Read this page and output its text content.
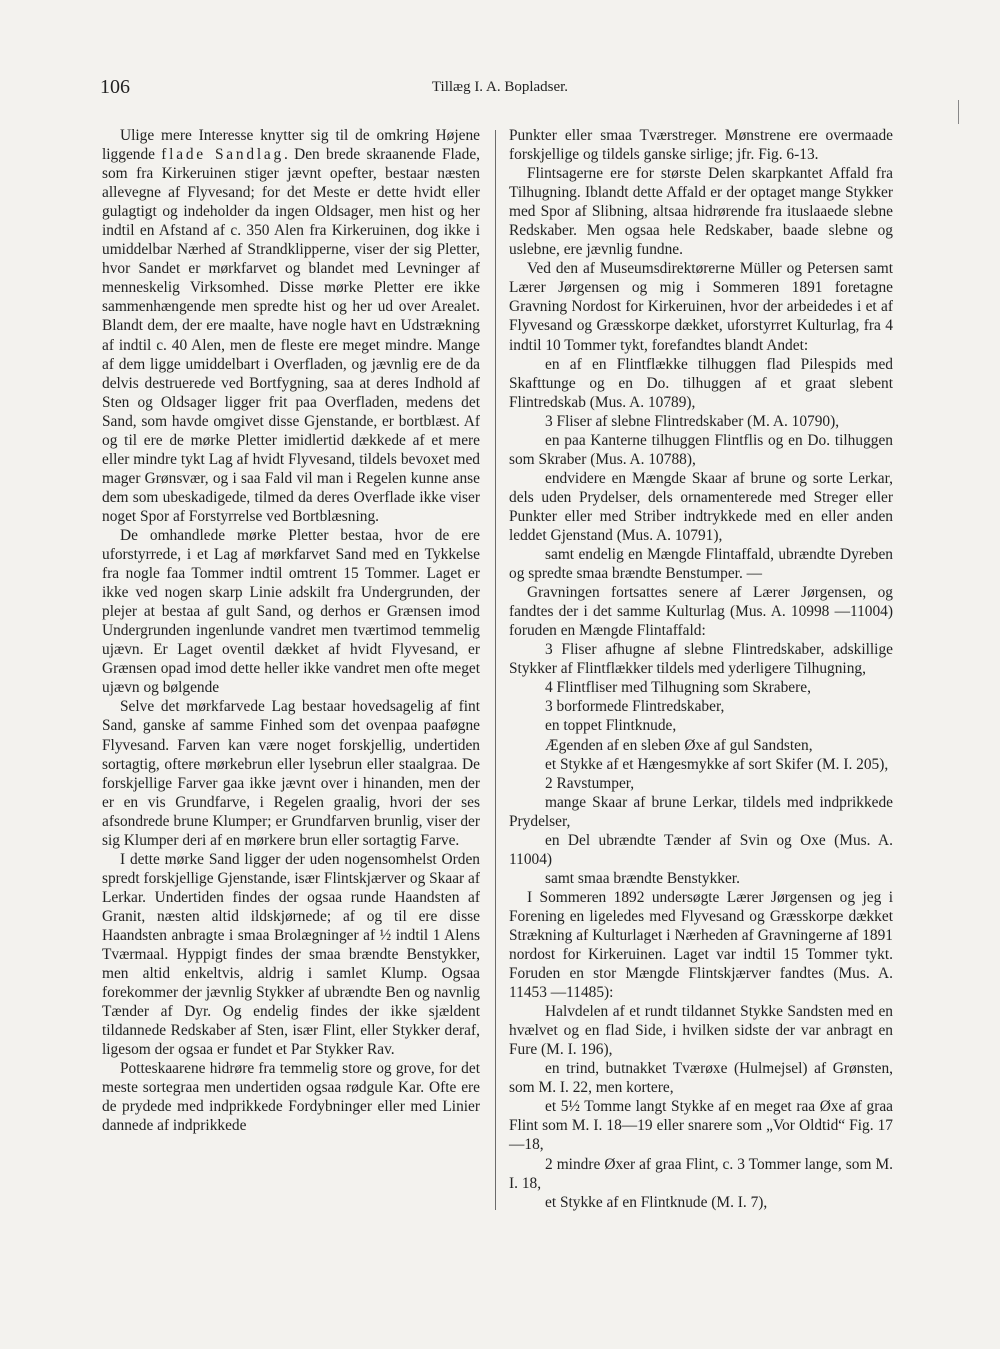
106	Tillæg I. A. Bopladser.

Ulige mere Interesse knytter sig til de omkring Højene liggende flade Sandlag. Den brede skraanende Flade, som fra Kirkeruinen stiger jævnt opefter, bestaar næsten allevegne af Flyvesand; for det Meste er dette hvidt eller gulagtigt og indeholder da ingen Oldsager, men hist og her indtil en Afstand af c. 350 Alen fra Kirkeruinen, dog ikke i umiddelbar Nærhed af Strandklipperne, viser der sig Pletter, hvor Sandet er mørkfarvet og blandet med Levninger af menneskelig Virksomhed. Disse mørke Pletter ere ikke sammenhængende men spredte hist og her ud over Arealet. Blandt dem, der ere maalte, have nogle havt en Udstrækning af indtil c. 40 Alen, men de fleste ere meget mindre. Mange af dem ligge umiddelbart i Overfladen, og jævnlig ere de da delvis destruerede ved Bortfygning, saa at deres Indhold af Sten og Oldsager ligger frit paa Overfladen, medens det Sand, som havde omgivet disse Gjenstande, er bortblæst. Af og til ere de mørke Pletter imidlertid dækkede af et mere eller mindre tykt Lag af hvidt Flyvesand, tildels bevoxet med mager Grønsvær, og i saa Fald vil man i Regelen kunne anse dem som ubeskadigede, tilmed da deres Overflade ikke viser noget Spor af Forstyrrelse ved Bortblæsning.

De omhandlede mørke Pletter bestaa, hvor de ere uforstyrrede, i et Lag af mørkfarvet Sand med en Tykkelse fra nogle faa Tommer indtil omtrent 15 Tommer. Laget er ikke ved nogen skarp Linie adskilt fra Undergrunden, der plejer at bestaa af gult Sand, og derhos er Grænsen imod Undergrunden ingenlunde vandret men tværtimod temmelig ujævn. Er Laget oventil dækket af hvidt Flyvesand, er Grænsen opad imod dette heller ikke vandret men ofte meget ujævn og bølgende

Selve det mørkfarvede Lag bestaar hovedsagelig af fint Sand, ganske af samme Finhed som det ovenpaa paaføgne Flyvesand. Farven kan være noget forskjellig, undertiden sortagtig, oftere mørkebrun eller lysebrun eller staalgraa. De forskjellige Farver gaa ikke jævnt over i hinanden, men der er en vis Grundfarve, i Regelen graalig, hvori der ses afsondrede brune Klumper; er Grundfarven brunlig, viser der sig Klumper deri af en mørkere brun eller sortagtig Farve.

I dette mørke Sand ligger der uden nogensomhelst Orden spredt forskjellige Gjenstande, især Flintskjærver og Skaar af Lerkar. Undertiden findes der ogsaa runde Haandsten af Granit, næsten altid ildskjørnede; af og til ere disse Haandsten anbragte i smaa Brolægninger af ½ indtil 1 Alens Tværmaal. Hyppigt findes der smaa brændte Benstykker, men altid enkeltvis, aldrig i samlet Klump. Ogsaa forekommer der jævnlig Stykker af ubrændte Ben og navnlig Tænder af Dyr. Og endelig findes der ikke sjældent tildannede Redskaber af Sten, især Flint, eller Stykker deraf, ligesom der ogsaa er fundet et Par Stykker Rav.

Potteskaarene hidrøre fra temmelig store og grove, for det meste sortegraa men undertiden ogsaa rødgule Kar. Ofte ere de prydede med indprikkede Fordybninger eller med Linier dannede af indprikkede

Punkter eller smaa Tværstreger. Mønstrene ere overmaade forskjellige og tildels ganske sirlige; jfr. Fig. 6-13.

Flintsagerne ere for største Delen skarpkantet Affald fra Tilhugning. Iblandt dette Affald er der optaget mange Stykker med Spor af Slibning, altsaa hidrørende fra ituslaaede slebne Redskaber. Men ogsaa hele Redskaber, baade slebne og uslebne, ere jævnlig fundne.

Ved den af Museumsdirektørerne Müller og Petersen samt Lærer Jørgensen og mig i Sommeren 1891 foretagne Gravning Nordost for Kirkeruinen, hvor der arbeidedes i et af Flyvesand og Græsskorpe dækket, uforstyrret Kulturlag, fra 4 indtil 10 Tommer tykt, forefandtes blandt Andet:

en af en Flintflække tilhuggen flad Pilespids med Skafttunge og en Do. tilhuggen af et graat slebent Flintredskab (Mus. A. 10789),

3 Fliser af slebne Flintredskaber (M. A. 10790),

en paa Kanterne tilhuggen Flintflis og en Do. tilhuggen som Skraber (Mus. A. 10788),

endvidere en Mængde Skaar af brune og sorte Lerkar, dels uden Prydelser, dels ornamenterede med Streger eller Punkter eller med Striber indtrykkede med en eller anden leddet Gjenstand (Mus. A. 10791),

samt endelig en Mængde Flintaffald, ubrændte Dyreben og spredte smaa brændte Benstumper. —

Gravningen fortsattes senere af Lærer Jørgensen, og fandtes der i det samme Kulturlag (Mus. A. 10998 —11004) foruden en Mængde Flintaffald:

3 Fliser afhugne af slebne Flintredskaber, adskillige Stykker af Flintflækker tildels med yderligere Tilhugning,

4 Flintfliser med Tilhugning som Skrabere,

3 borformede Flintredskaber,

en toppet Flintknude,

Ægenden af en sleben Øxe af gul Sandsten,

et Stykke af et Hængesmykke af sort Skifer (M. I. 205),

2 Ravstumper,

mange Skaar af brune Lerkar, tildels med indprikkede Prydelser,

en Del ubrændte Tænder af Svin og Oxe (Mus. A. 11004)

samt smaa brændte Benstykker.

I Sommeren 1892 undersøgte Lærer Jørgensen og jeg i Forening en ligeledes med Flyvesand og Græsskorpe dækket Strækning af Kulturlaget i Nærheden af Gravningerne af 1891 nordost for Kirkeruinen. Laget var indtil 15 Tommer tykt. Foruden en stor Mængde Flintskjærver fandtes (Mus. A. 11453 —11485):

Halvdelen af et rundt tildannet Stykke Sandsten med en hvælvet og en flad Side, i hvilken sidste der var anbragt en Fure (M. I. 196),

en trind, butnakket Tværøxe (Hulmejsel) af Grønsten, som M. I. 22, men kortere,

et 5½ Tomme langt Stykke af en meget raa Øxe af graa Flint som M. I. 18—19 eller snarere som „Vor Oldtid“ Fig. 17—18,

2 mindre Øxer af graa Flint, c. 3 Tommer lange, som M. I. 18,

et Stykke af en Flintknude (M. I. 7),
